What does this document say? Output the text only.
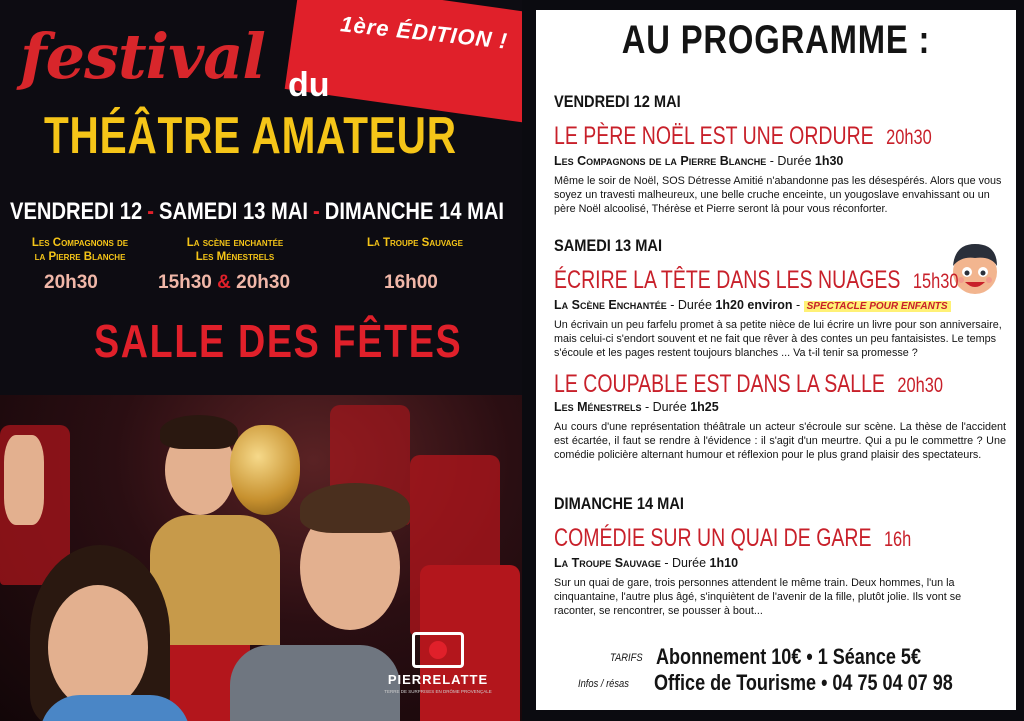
1ère ÉDITION !
festival du
THÉÂTRE AMATEUR
VENDREDI 12 - SAMEDI 13 MAI - DIMANCHE 14 MAI
Les Compagnons de
la Pierre Blanche
La scène enchantée
Les Ménestrels
La Troupe Sauvage
20h30	15h30 & 20h30	16h00
SALLE DES FÊTES
PIERRELATTE
TERRE DE SURPRISES EN DRÔME PROVENÇALE
AU PROGRAMME :
VENDREDI 12 MAI
LE PÈRE NOËL EST UNE ORDURE 20h30
Les Compagnons de la Pierre Blanche - Durée 1h30
Même le soir de Noël, SOS Détresse Amitié n'abandonne pas les désespérés. Alors que vous soyez un travesti malheureux, une belle cruche enceinte, un yougoslave envahissant ou un père Noël alcoolisé, Thérèse et Pierre seront là pour vous réconforter.
SAMEDI 13 MAI
ÉCRIRE LA TÊTE DANS LES NUAGES 15h30
La Scène Enchantée - Durée 1h20 environ - SPECTACLE POUR ENFANTS
Un écrivain un peu farfelu promet à sa petite nièce de lui écrire un livre pour son anniversaire, mais celui-ci s'endort souvent et ne fait que rêver à des contes un peu fantaisistes. Le temps s'écoule et les pages restent toujours blanches ... Va t-il tenir sa promesse ?
LE COUPABLE EST DANS LA SALLE 20h30
Les Ménestrels - Durée 1h25
Au cours d'une représentation théâtrale un acteur s'écroule sur scène. La thèse de l'accident est écartée, il faut se rendre à l'évidence : il s'agit d'un meurtre. Qui a pu le commettre ? Une comédie policière alternant humour et réflexion pour le plus grand plaisir des spectateurs.
DIMANCHE 14 MAI
COMÉDIE SUR UN QUAI DE GARE 16h
La Troupe Sauvage - Durée 1h10
Sur un quai de gare, trois personnes attendent le même train. Deux hommes, l'un la cinquantaine, l'autre plus âgé, s'inquiètent de l'avenir de la fille, plutôt jolie. Ils vont se raconter, se rencontrer, se pousser à bout...
TARIFS Abonnement 10€ • 1 Séance 5€
Infos / résas Office de Tourisme • 04 75 04 07 98
